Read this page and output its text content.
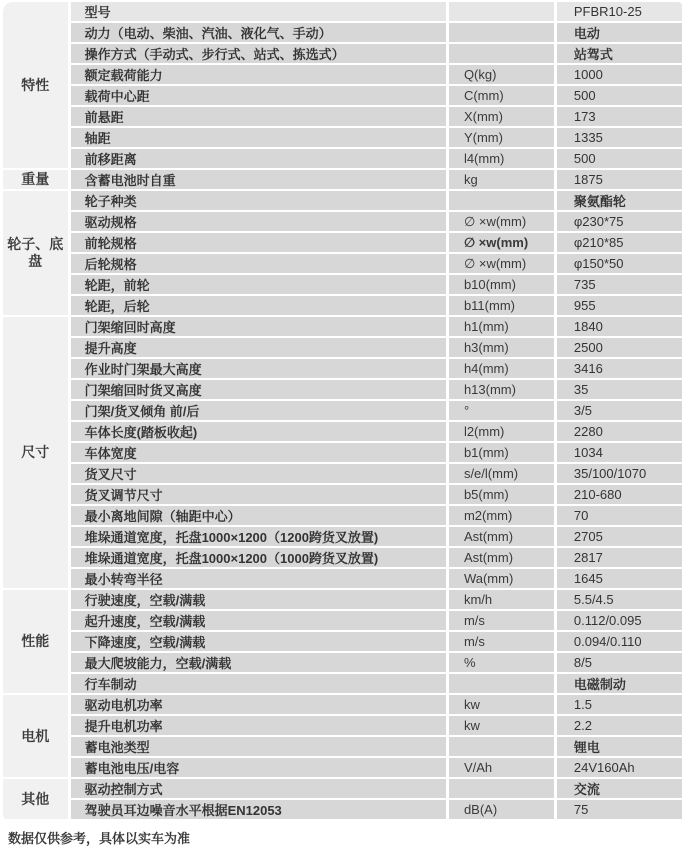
特性	型号		PFBR10-25
	动力（电动、柴油、汽油、液化气、手动）		电动
	操作方式（手动式、步行式、站式、拣选式）		站驾式
	额定载荷能力	Q(kg)	1000
	载荷中心距	C(mm)	500
	前悬距	X(mm)	173
	轴距	Y(mm)	1335
	前移距离	l4(mm)	500
重量	含蓄电池时自重	kg	1875
轮子、底盘	轮子种类		聚氨酯轮
	驱动规格	∅ ×w(mm)	φ230*75
	前轮规格	∅ ×w(mm)	φ210*85
	后轮规格	∅ ×w(mm)	φ150*50
	轮距，前轮	b10(mm)	735
	轮距，后轮	b11(mm)	955
尺寸	门架缩回时高度	h1(mm)	1840
	提升高度	h3(mm)	2500
	作业时门架最大高度	h4(mm)	3416
	门架缩回时货叉高度	h13(mm)	35
	门架/货叉倾角 前/后	°	3/5
	车体长度(踏板收起)	l2(mm)	2280
	车体宽度	b1(mm)	1034
	货叉尺寸	s/e/l(mm)	35/100/1070
	货叉调节尺寸	b5(mm)	210-680
	最小离地间隙（轴距中心）	m2(mm)	70
	堆垛通道宽度，托盘1000×1200（1200跨货叉放置)	Ast(mm)	2705
	堆垛通道宽度，托盘1000×1200（1000跨货叉放置)	Ast(mm)	2817
	最小转弯半径	Wa(mm)	1645
性能	行驶速度，空载/满载	km/h	5.5/4.5
	起升速度，空载/满载	m/s	0.112/0.095
	下降速度，空载/满载	m/s	0.094/0.110
	最大爬坡能力，空载/满载	%	8/5
	行车制动		电磁制动
电机	驱动电机功率	kw	1.5
	提升电机功率	kw	2.2
	蓄电池类型		锂电
	蓄电池电压/电容	V/Ah	24V160Ah
其他	驱动控制方式		交流
	驾驶员耳边噪音水平根据EN12053	dB(A)	75
数据仅供参考，具体以实车为准
